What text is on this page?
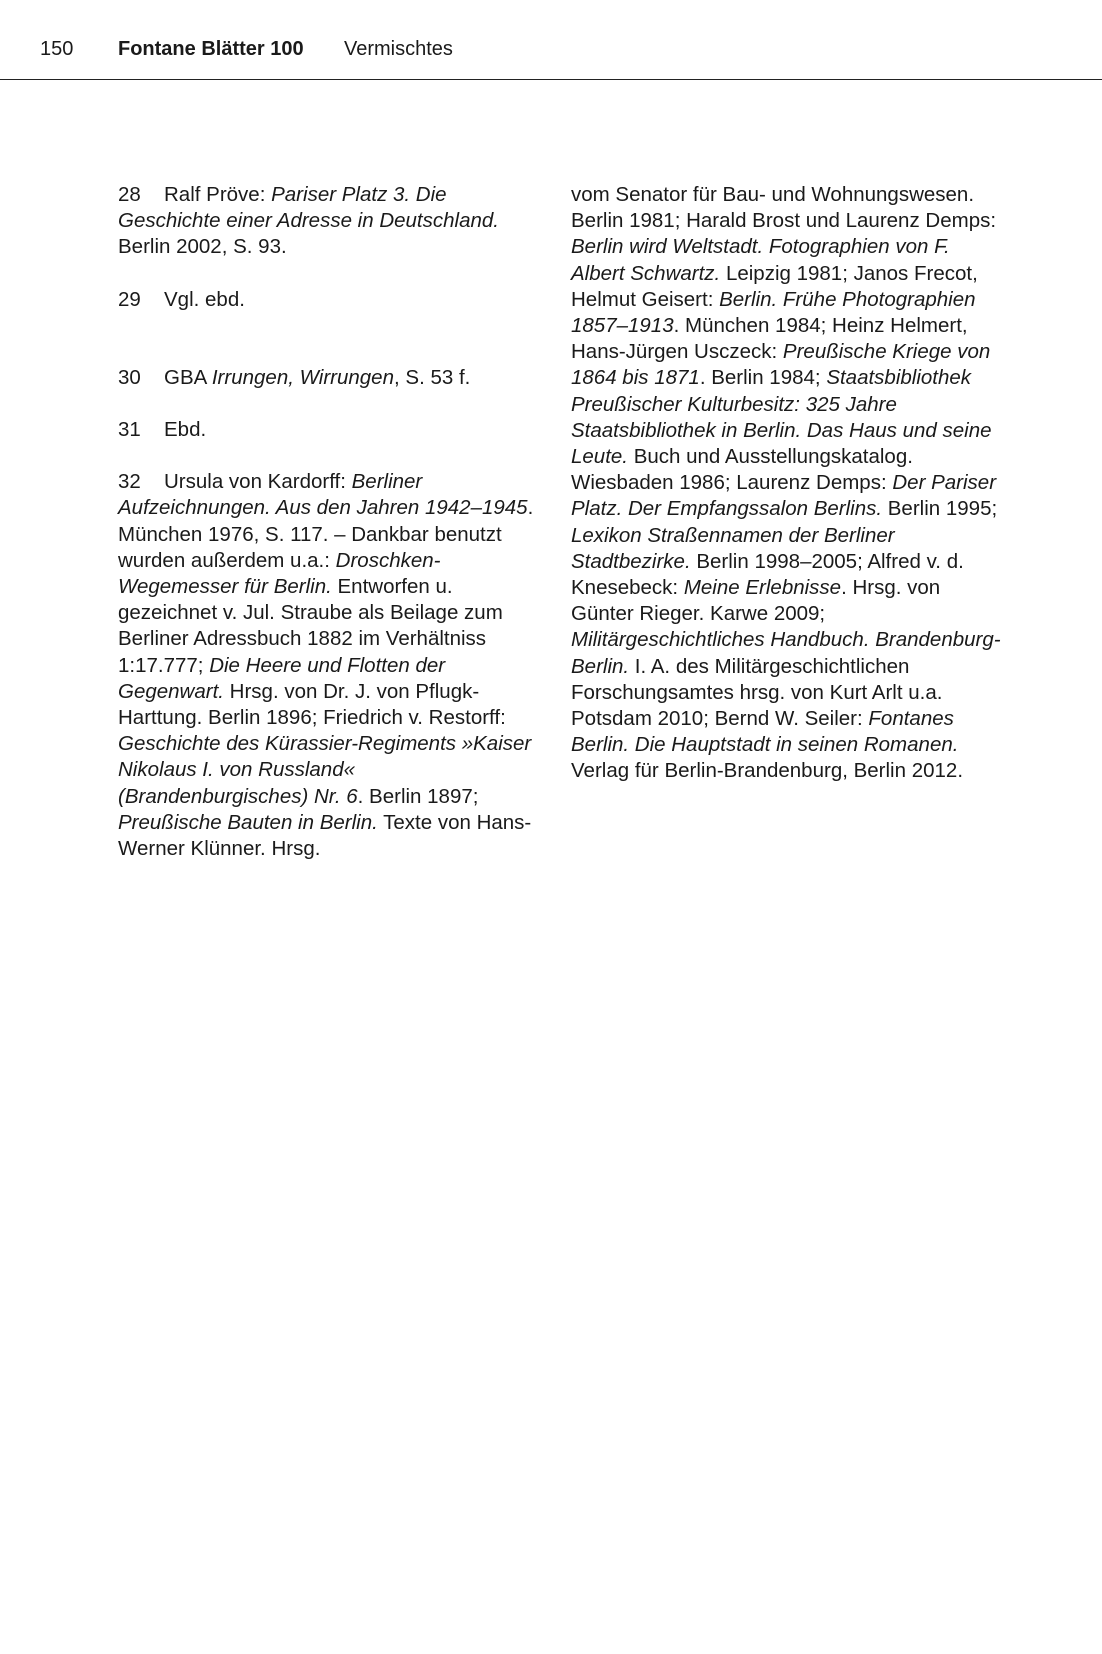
150 Fontane Blätter 100 Vermischtes

28 Ralf Pröve: Pariser Platz 3. Die Geschichte einer Adresse in Deutschland. Berlin 2002, S. 93.

29 Vgl. ebd.

30 GBA Irrungen, Wirrungen, S. 53 f.

31 Ebd.

32 Ursula von Kardorff: Berliner Aufzeichnungen. Aus den Jahren 1942–1945. München 1976, S. 117. – Dankbar benutzt wurden außerdem u.a.: Droschken-Wegemesser für Berlin. Entworfen u. gezeichnet v. Jul. Straube als Beilage zum Berliner Adressbuch 1882 im Verhältniss 1:17.777; Die Heere und Flotten der Gegenwart. Hrsg. von Dr. J. von Pflugk-Harttung. Berlin 1896; Friedrich v. Restorff: Geschichte des Kürassier-Regiments »Kaiser Nikolaus I. von Russland« (Brandenburgisches) Nr. 6. Berlin 1897; Preußische Bauten in Berlin. Texte von Hans-Werner Klünner. Hrsg.

vom Senator für Bau- und Wohnungswesen. Berlin 1981; Harald Brost und Laurenz Demps: Berlin wird Weltstadt. Fotographien von F. Albert Schwartz. Leipzig 1981; Janos Frecot, Helmut Geisert: Berlin. Frühe Photographien 1857–1913. München 1984; Heinz Helmert, Hans-Jürgen Usczeck: Preußische Kriege von 1864 bis 1871. Berlin 1984; Staatsbibliothek Preußischer Kulturbesitz: 325 Jahre Staatsbibliothek in Berlin. Das Haus und seine Leute. Buch und Ausstellungskatalog. Wiesbaden 1986; Laurenz Demps: Der Pariser Platz. Der Empfangssalon Berlins. Berlin 1995; Lexikon Straßennamen der Berliner Stadtbezirke. Berlin 1998–2005; Alfred v. d. Knesebeck: Meine Erlebnisse. Hrsg. von Günter Rieger. Karwe 2009; Militärgeschichtliches Handbuch. Brandenburg-Berlin. I. A. des Militärgeschichtlichen Forschungsamtes hrsg. von Kurt Arlt u.a. Potsdam 2010; Bernd W. Seiler: Fontanes Berlin. Die Hauptstadt in seinen Romanen. Verlag für Berlin-Brandenburg, Berlin 2012.
